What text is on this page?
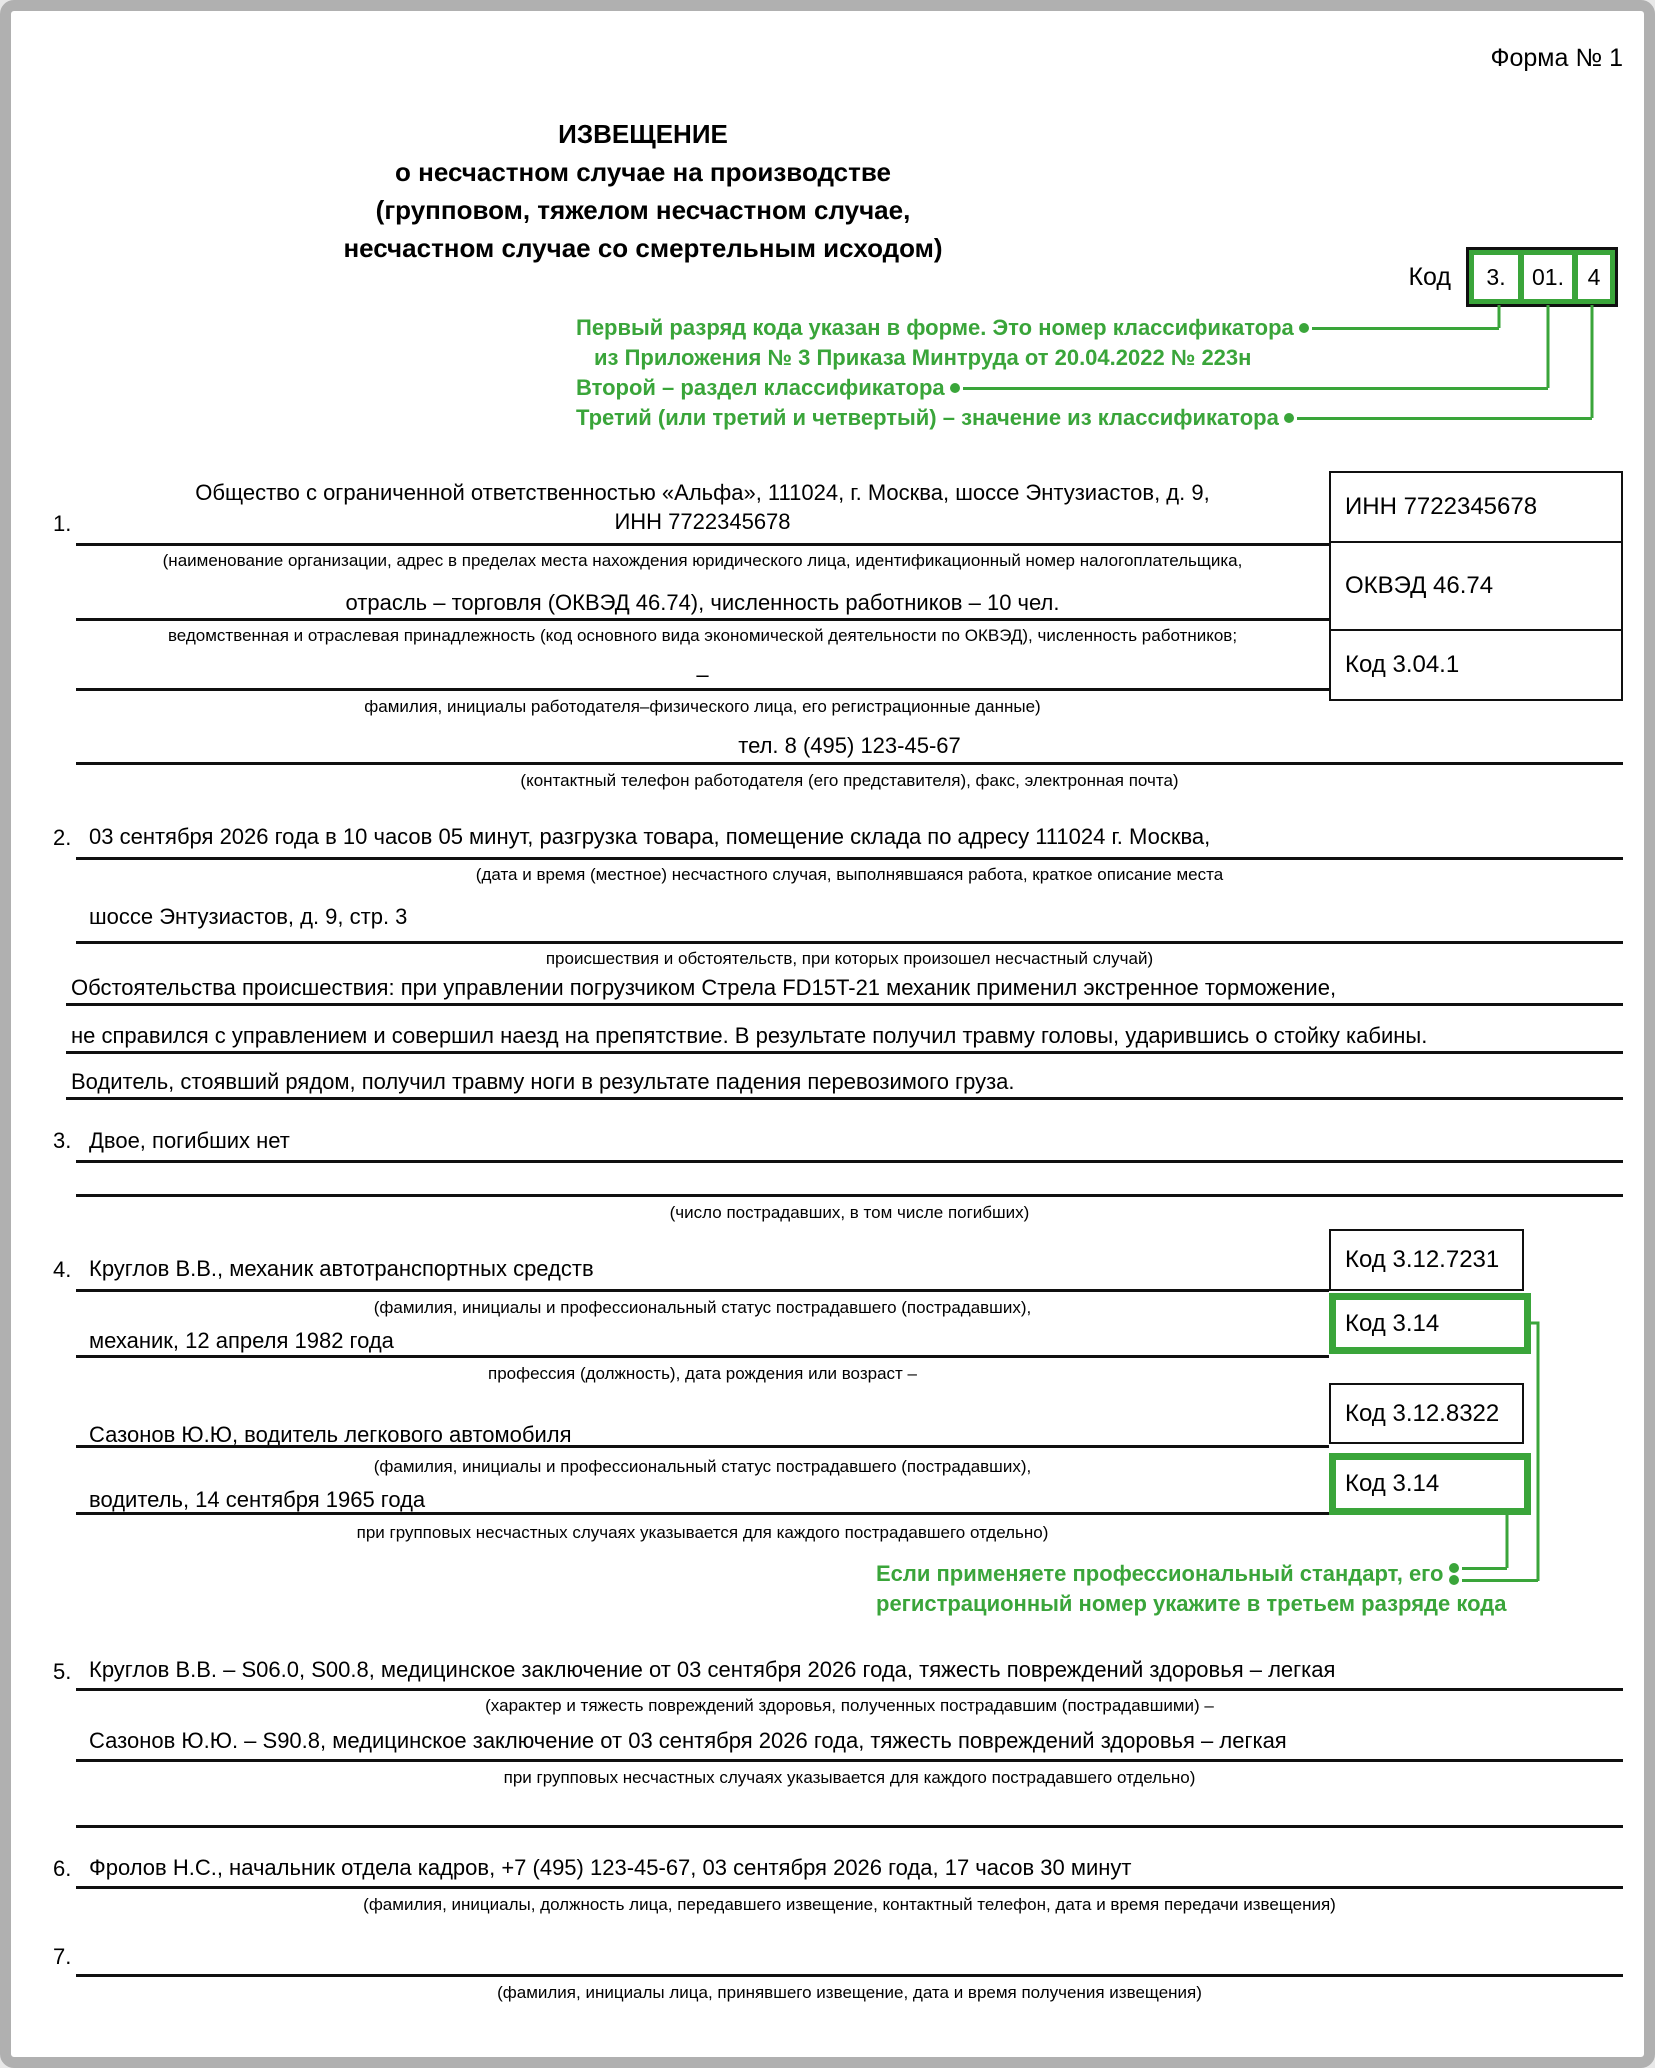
Форма № 1
ИЗВЕЩЕНИЕ
о несчастном случае на производстве
(групповом, тяжелом несчастном случае,
несчастном случае со смертельным исходом)
Код	3.	01.	4
Первый разряд кода указан в форме. Это номер классификатора
из Приложения № 3 Приказа Минтруда от 20.04.2022 № 223н
Второй – раздел классификатора
Третий (или третий и четвертый) – значение из классификатора
1.
Общество с ограниченной ответственностью «Альфа», 111024, г. Москва, шоссе Энтузиастов, д. 9,
ИНН 7722345678
(наименование организации, адрес в пределах места нахождения юридического лица, идентификационный номер налогоплательщика,
отрасль – торговля (ОКВЭД 46.74), численность работников – 10 чел.
ведомственная и отраслевая принадлежность (код основного вида экономической деятельности по ОКВЭД), численность работников;
–
фамилия, инициалы работодателя–физического лица, его регистрационные данные)
тел. 8 (495) 123-45-67
(контактный телефон работодателя (его представителя), факс, электронная почта)
ИНН 7722345678
ОКВЭД 46.74
Код 3.04.1
2. 03 сентября 2026 года в 10 часов 05 минут, разгрузка товара, помещение склада по адресу 111024 г. Москва,
(дата и время (местное) несчастного случая, выполнявшаяся работа, краткое описание места
шоссе Энтузиастов, д. 9, стр. 3
происшествия и обстоятельств, при которых произошел несчастный случай)
Обстоятельства происшествия: при управлении погрузчиком Стрела FD15T-21 механик применил экстренное торможение,
не справился с управлением и совершил наезд на препятствие. В результате получил травму головы, ударившись о стойку кабины.
Водитель, стоявший рядом, получил травму ноги в результате падения перевозимого груза.
3. Двое, погибших нет
(число пострадавших, в том числе погибших)
4. Круглов В.В., механик автотранспортных средств
(фамилия, инициалы и профессиональный статус пострадавшего (пострадавших),
механик, 12 апреля 1982 года
профессия (должность), дата рождения или возраст –
Сазонов Ю.Ю, водитель легкового автомобиля
(фамилия, инициалы и профессиональный статус пострадавшего (пострадавших),
водитель, 14 сентября 1965 года
при групповых несчастных случаях указывается для каждого пострадавшего отдельно)
Код 3.12.7231
Код 3.14
Код 3.12.8322
Код 3.14
Если применяете профессиональный стандарт, его
регистрационный номер укажите в третьем разряде кода
5. Круглов В.В. – S06.0, S00.8, медицинское заключение от 03 сентября 2026 года, тяжесть повреждений здоровья – легкая
(характер и тяжесть повреждений здоровья, полученных пострадавшим (пострадавшими) –
Сазонов Ю.Ю. – S90.8, медицинское заключение от 03 сентября 2026 года, тяжесть повреждений здоровья – легкая
при групповых несчастных случаях указывается для каждого пострадавшего отдельно)
6. Фролов Н.С., начальник отдела кадров, +7 (495) 123-45-67, 03 сентября 2026 года, 17 часов 30 минут
(фамилия, инициалы, должность лица, передавшего извещение, контактный телефон, дата и время передачи извещения)
7.
(фамилия, инициалы лица, принявшего извещение, дата и время получения извещения)
